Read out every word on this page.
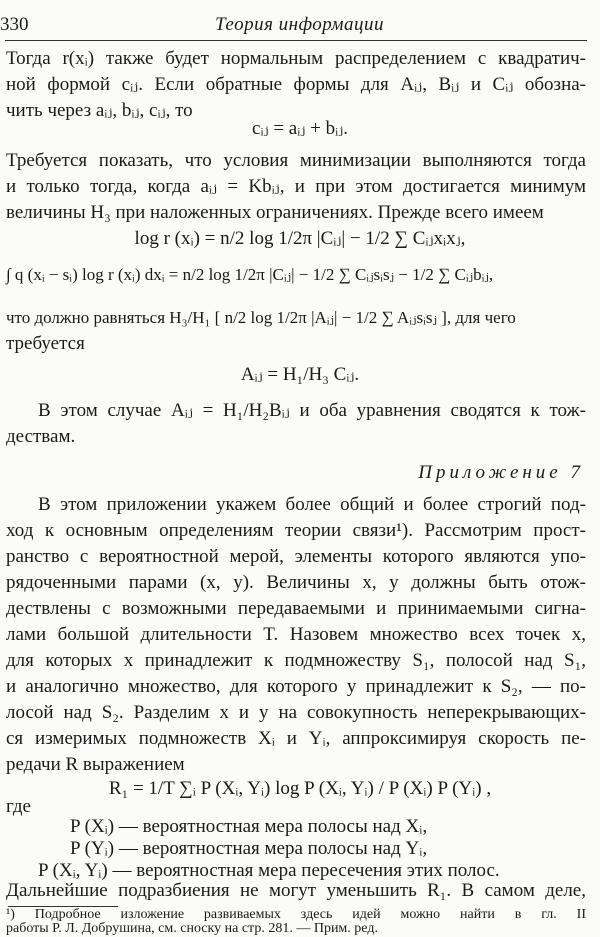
330	Теория информации
Тогда r(xᵢ) также будет нормальным распределением с квадратич-
ной формой cᵢⱼ. Если обратные формы для Aᵢⱼ, Bᵢⱼ и Cᵢⱼ обозна-
чить через aᵢⱼ, bᵢⱼ, cᵢⱼ, то
cᵢⱼ = aᵢⱼ + bᵢⱼ.
Требуется показать, что условия минимизации выполняются тогда
и только тогда, когда aᵢⱼ = Kbᵢⱼ, и при этом достигается минимум
величины H₃ при наложенных ограничениях. Прежде всего имеем
log r (xᵢ) = n/2 log 1/2π |Cᵢⱼ| − 1/2 ∑ Cᵢⱼxᵢxⱼ,
∫ q (xᵢ − sᵢ) log r (xᵢ) dxᵢ = n/2 log 1/2π |Cᵢⱼ| − 1/2 ∑ Cᵢⱼsᵢsⱼ − 1/2 ∑ Cᵢⱼbᵢⱼ,
что должно равняться H₃/H₁ [ n/2 log 1/2π |Aᵢⱼ| − 1/2 ∑ Aᵢⱼsᵢsⱼ ], для чего
требуется
Aᵢⱼ = H₁/H₃ Cᵢⱼ.
В этом случае Aᵢⱼ = H₁/H₂Bᵢⱼ и оба уравнения сводятся к тож-
дествам.
Приложение 7
В этом приложении укажем более общий и более строгий под-
ход к основным определениям теории связи¹). Рассмотрим прост-
ранство с вероятностной мерой, элементы которого являются упо-
рядоченными парами (x, y). Величины x, y должны быть отож-
дествлены с возможными передаваемыми и принимаемыми сигна-
лами большой длительности T. Назовем множество всех точек x,
для которых x принадлежит к подмножеству S₁, полосой над S₁,
и аналогично множество, для которого y принадлежит к S₂, — по-
лосой над S₂. Разделим x и y на совокупность неперекрывающих-
ся измеримых подмножеств Xᵢ и Yᵢ, аппроксимируя скорость пе-
редачи R выражением
R₁ = 1/T ∑ᵢ P (Xᵢ, Yᵢ) log P (Xᵢ, Yᵢ) / P (Xᵢ) P (Yᵢ) ,
где
P (Xᵢ) — вероятностная мера полосы над Xᵢ,
P (Yᵢ) — вероятностная мера полосы над Yᵢ,
P (Xᵢ, Yᵢ) — вероятностная мера пересечения этих полос.
Дальнейшие подразбиения не могут уменьшить R₁. В самом деле,
¹) Подробное изложение развиваемых здесь идей можно найти в гл. II
работы Р. Л. Добрушина, см. сноску на стр. 281. — Прим. ред.
